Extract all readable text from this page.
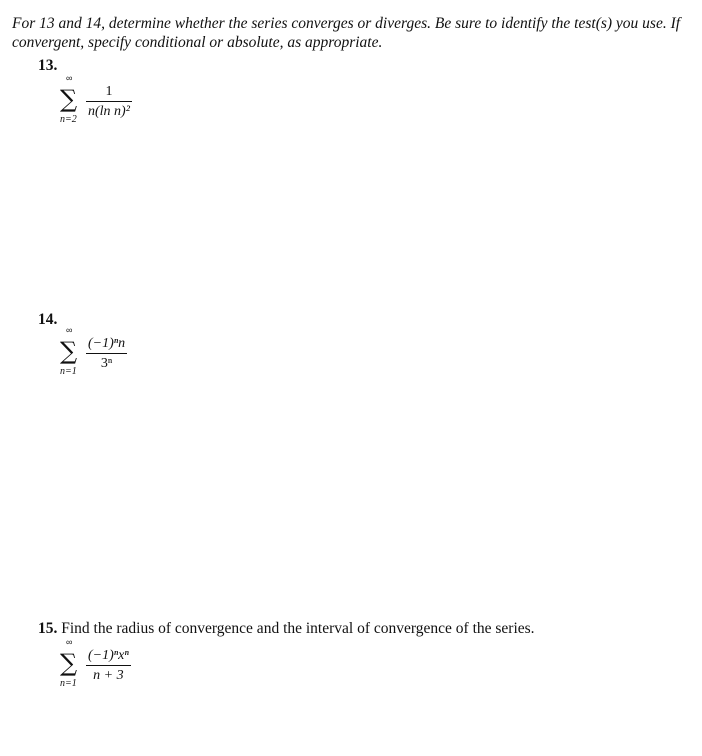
For 13 and 14, determine whether the series converges or diverges. Be sure to identify the test(s) you use. If convergent, specify conditional or absolute, as appropriate.
13.
∞
∑
n=2
1
n(ln n)²
14.
∞
∑
n=1
(−1)ⁿn
3ⁿ
15. Find the radius of convergence and the interval of convergence of the series.
∞
∑
n=1
(−1)ⁿxⁿ
n + 3
